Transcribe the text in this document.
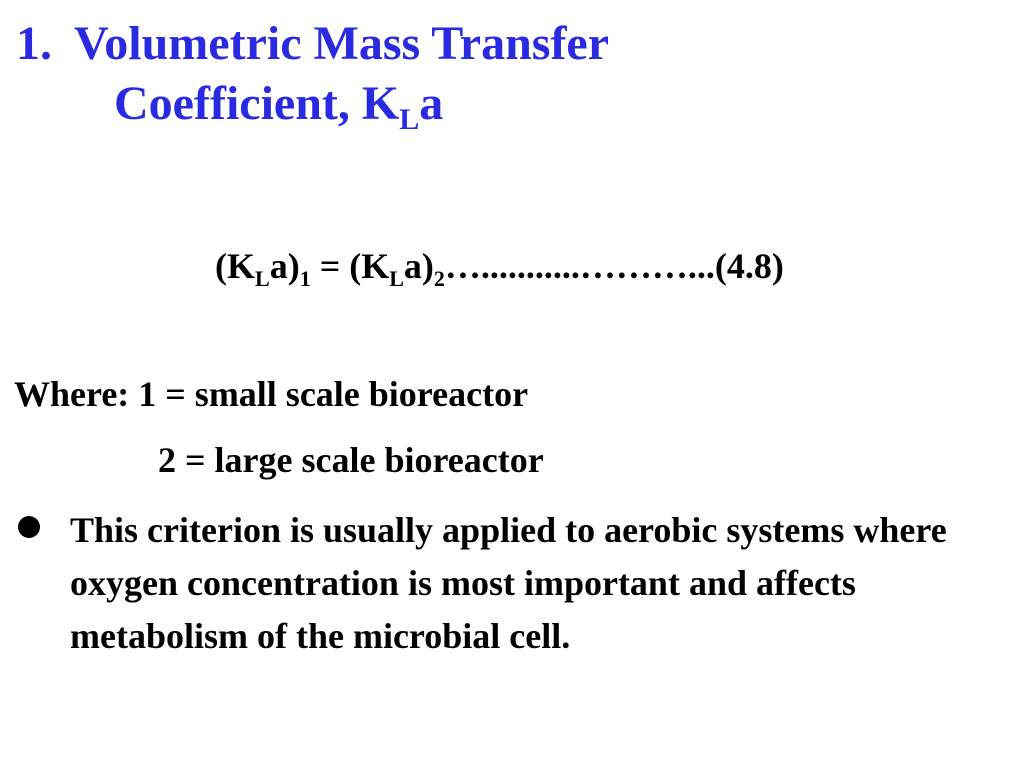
1. Volumetric Mass Transfer
Coefficient, $K_La$
$(K_La)_1$ = $(K_La)_2\dots...........\dots\dots\dots...(4.8)$
Where: 1 = small scale bioreactor
2 = large scale bioreactor
This criterion is usually applied to aerobic systems where oxygen concentration is most important and affects metabolism of the microbial cell.
